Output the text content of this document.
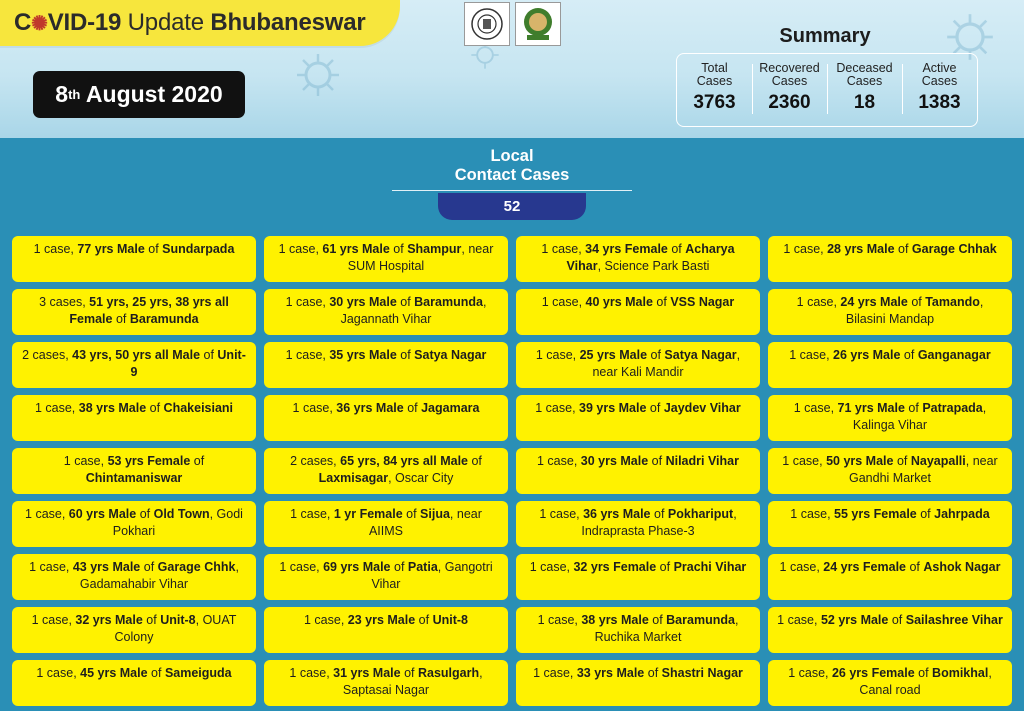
C✺VID-19 Update Bhubaneswar
8 th August 2020
Summary
Total
Cases
3763
Recovered
Cases
2360
Deceased
Cases
18
Active
Cases
1383
Local
Contact Cases
52
1 case, 77 yrs Male of Sundarpada	1 case, 61 yrs Male of Shampur, near SUM Hospital
1 case, 34 yrs Female of Acharya Vihar, Science Park Basti
1 case, 28 yrs Male of Garage Chhak
3 cases, 51 yrs, 25 yrs, 38 yrs all Female of Baramunda
1 case, 30 yrs Male of Baramunda, Jagannath Vihar
1 case, 40 yrs Male of VSS Nagar	1 case, 24 yrs Male of Tamando, Bilasini Mandap
2 cases, 43 yrs, 50 yrs all Male of Unit-9
1 case, 35 yrs Male of Satya Nagar	1 case, 25 yrs Male of Satya Nagar, near Kali Mandir
1 case, 26 yrs Male of Ganganagar
1 case, 38 yrs Male of Chakeisiani	1 case, 36 yrs Male of Jagamara	1 case, 39 yrs Male of Jaydev Vihar	1 case, 71 yrs Male of Patrapada, Kalinga Vihar
1 case, 53 yrs Female of Chintamaniswar
2 cases, 65 yrs, 84 yrs all Male of Laxmisagar, Oscar City
1 case, 30 yrs Male of Niladri Vihar	1 case, 50 yrs Male of Nayapalli, near Gandhi Market
1 case, 60 yrs Male of Old Town, Godi Pokhari
1 case, 1 yr Female of Sijua, near AIIMS
1 case, 36 yrs Male of Pokhariput, Indraprasta Phase-3
1 case, 55 yrs Female of Jahrpada
1 case, 43 yrs Male of Garage Chhk, Gadamahabir Vihar
1 case, 69 yrs Male of Patia, Gangotri Vihar
1 case, 32 yrs Female of Prachi Vihar	1 case, 24 yrs Female of Ashok Nagar
1 case, 32 yrs Male of Unit-8, OUAT Colony
1 case, 23 yrs Male of Unit-8	1 case, 38 yrs Male of Baramunda, Ruchika Market
1 case, 52 yrs Male of Sailashree Vihar
1 case, 45 yrs Male of Sameiguda	1 case, 31 yrs Male of Rasulgarh, Saptasai Nagar
1 case, 33 yrs Male of Shastri Nagar	1 case, 26 yrs Female of Bomikhal, Canal road
